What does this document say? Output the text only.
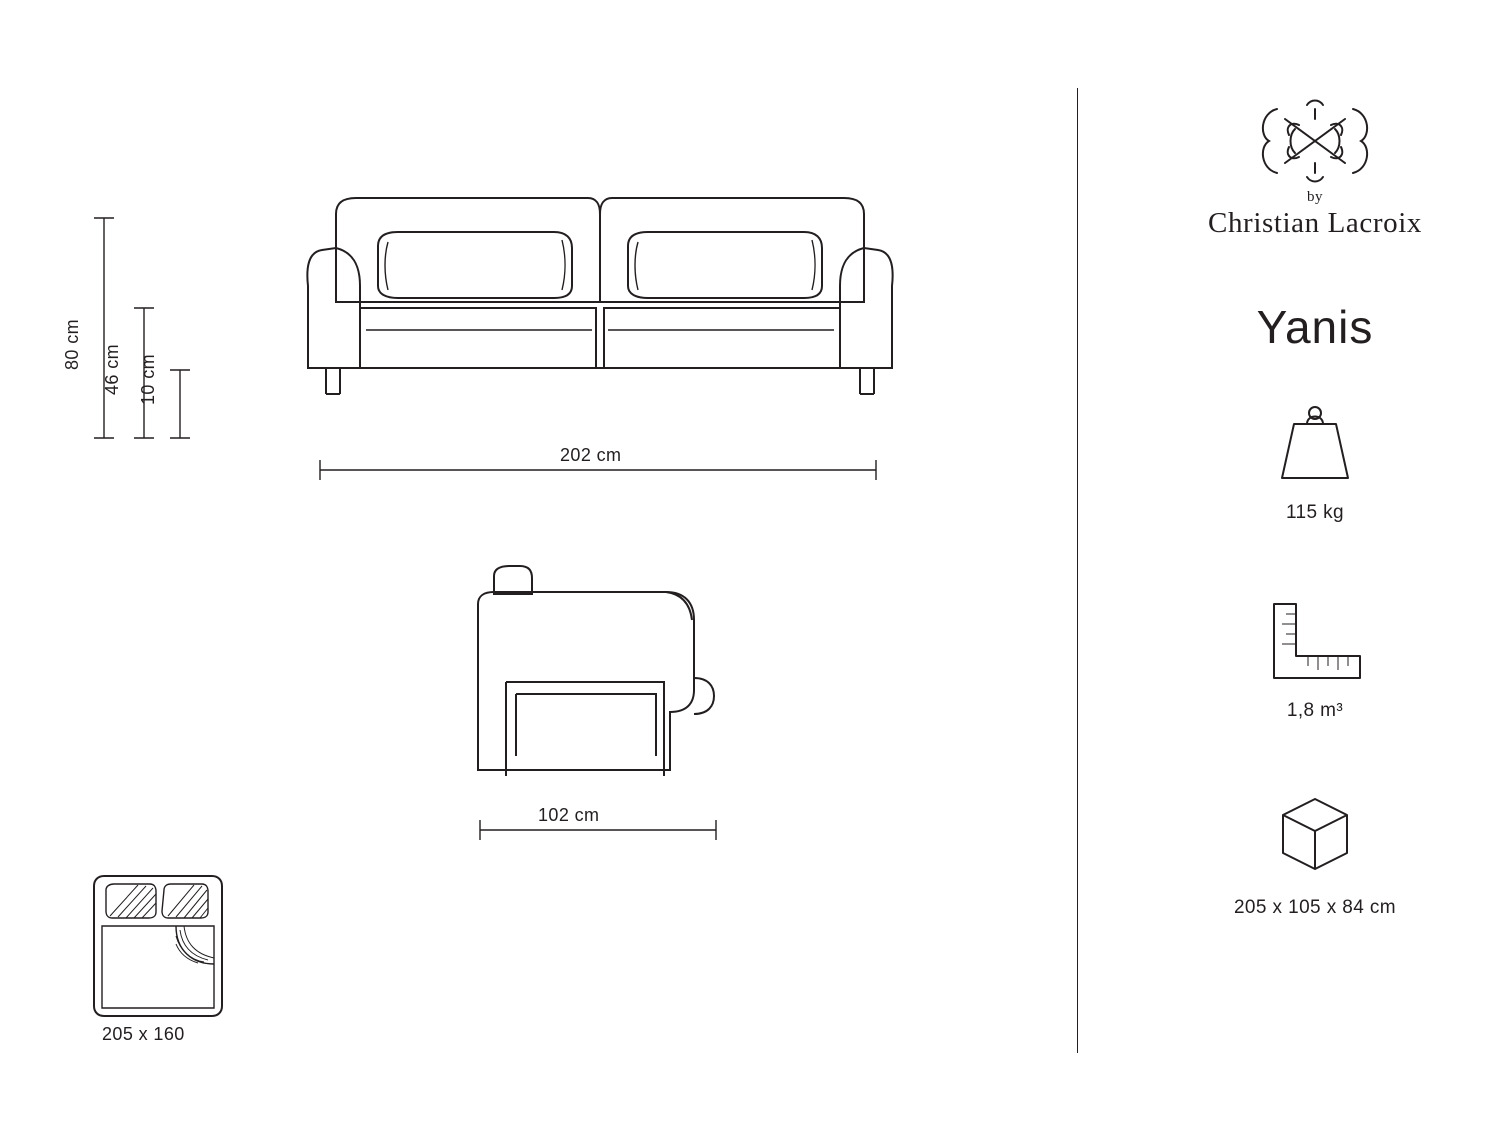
by
Christian Lacroix
Yanis
115 kg
1,8 m³
205 x 105 x 84 cm
80 cm 46 cm 10 cm
202 cm
102 cm
205 x 160
